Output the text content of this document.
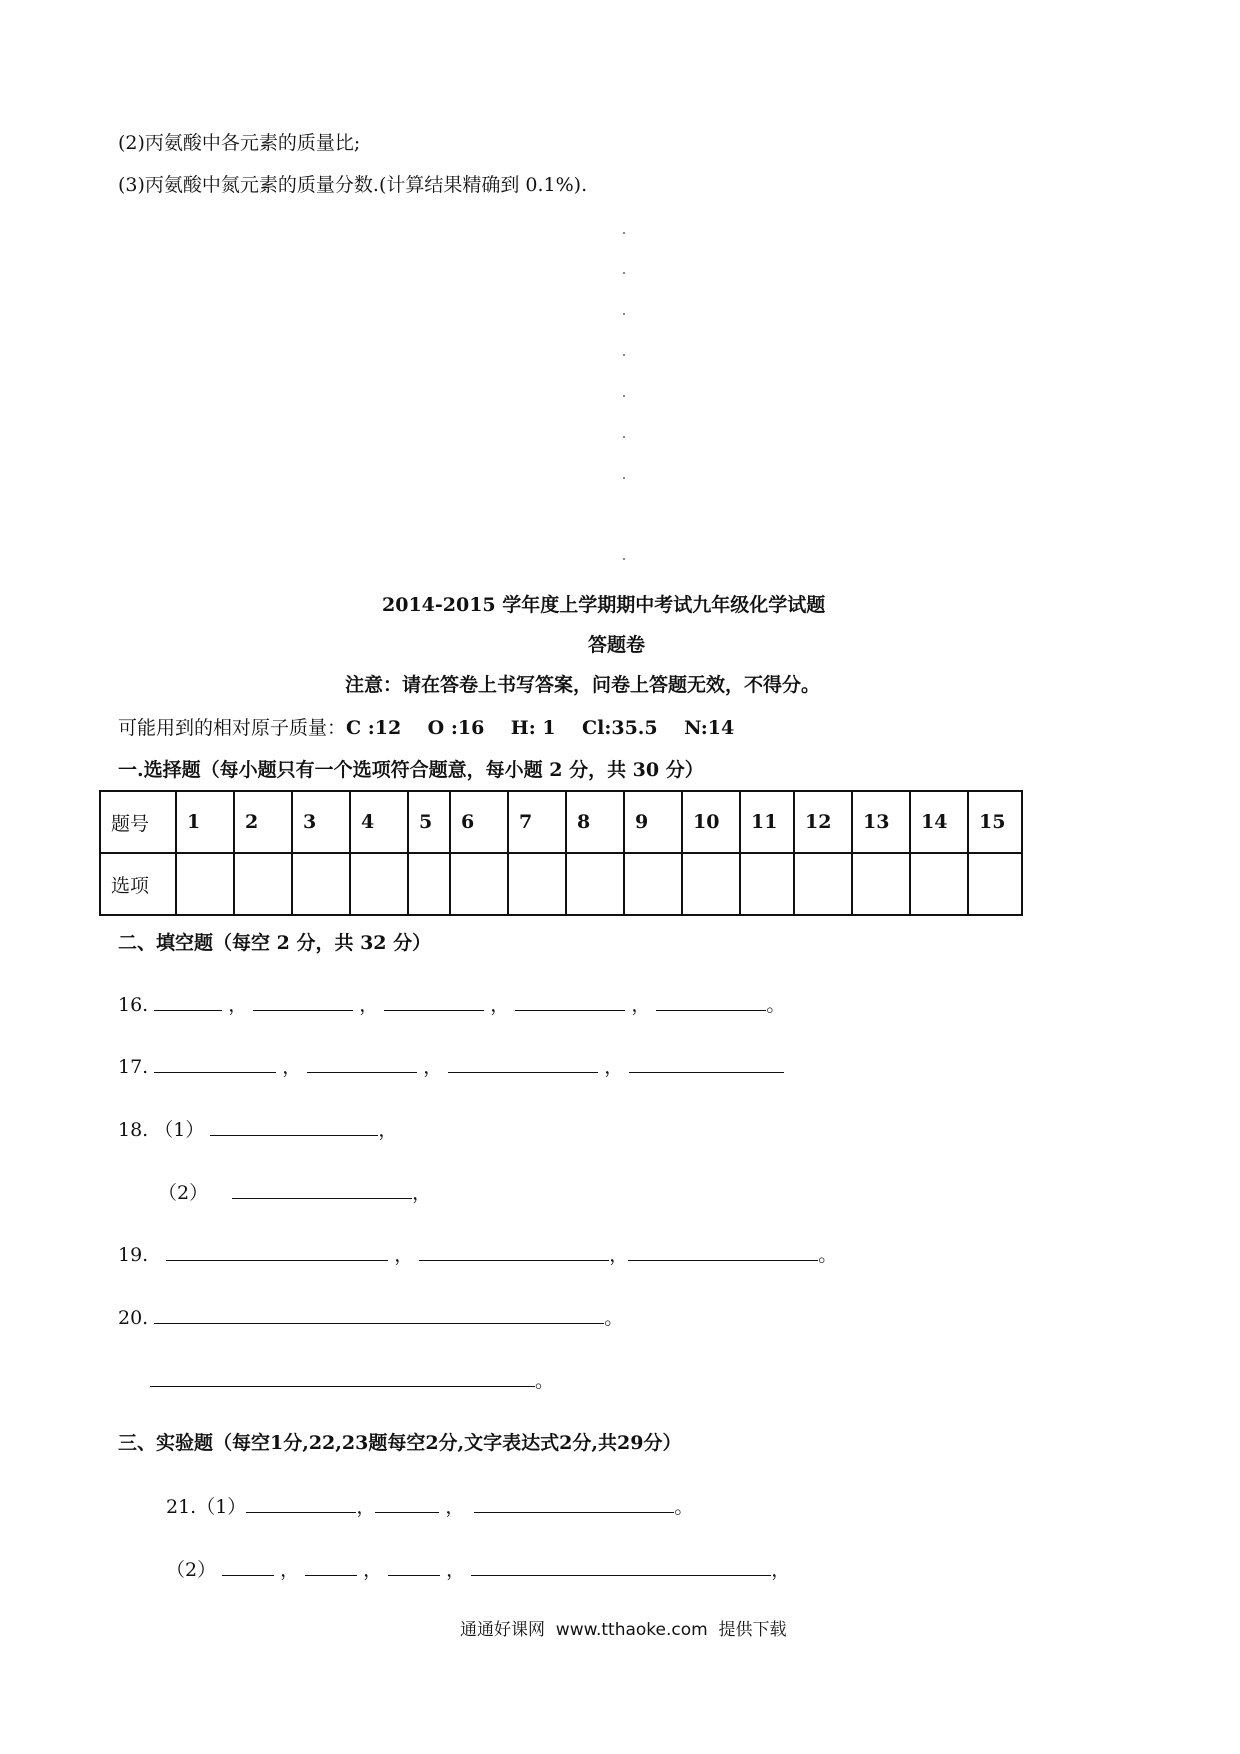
(2)丙氨酸中各元素的质量比;
(3)丙氨酸中氮元素的质量分数.(计算结果精确到 0.1%).
2014-2015 学年度上学期期中考试九年级化学试题
答题卷
注意：请在答卷上书写答案，问卷上答题无效，不得分。
可能用到的相对原子质量：C :12    O :16    H: 1    Cl:35.5    N:14
一.选择题（每小题只有一个选项符合题意，每小题 2 分，共 30 分）
题号	1	2	3	4	5	6	7	8	9	10	11	12	13	14	15
选项															
二、填空题（每空 2 分，共 32 分）
16.	，	，	，	，	。
17.	，	，	，
18. （1）	，
（2）	，
19.	，	，	。
20.	。
。
三、实验题（每空1分,22,23题每空2分,文字表达式2分,共29分）
21.（1）	，	，	。
（2）	，	，	，	，
通通好课网  www.tthaoke.com  提供下载
